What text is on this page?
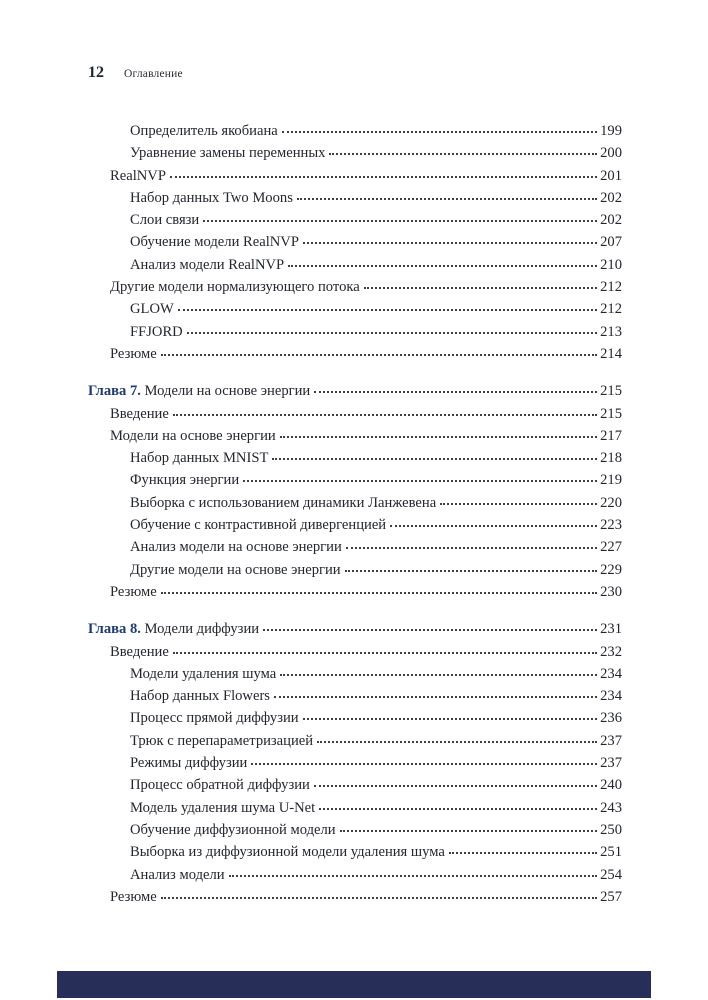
12 Оглавление
Определитель якобиана	199
Уравнение замены переменных	200
RealNVP	201
Набор данных Two Moons	202
Слои связи	202
Обучение модели RealNVP	207
Анализ модели RealNVP	210
Другие модели нормализующего потока	212
GLOW	212
FFJORD	213
Резюме	214
Глава 7. Модели на основе энергии	215
Введение	215
Модели на основе энергии	217
Набор данных MNIST	218
Функция энергии	219
Выборка с использованием динамики Ланжевена	220
Обучение с контрастивной дивергенцией	223
Анализ модели на основе энергии	227
Другие модели на основе энергии	229
Резюме	230
Глава 8. Модели диффузии	231
Введение	232
Модели удаления шума	234
Набор данных Flowers	234
Процесс прямой диффузии	236
Трюк с перепараметризацией	237
Режимы диффузии	237
Процесс обратной диффузии	240
Модель удаления шума U-Net	243
Обучение диффузионной модели	250
Выборка из диффузионной модели удаления шума	251
Анализ модели	254
Резюме	257
